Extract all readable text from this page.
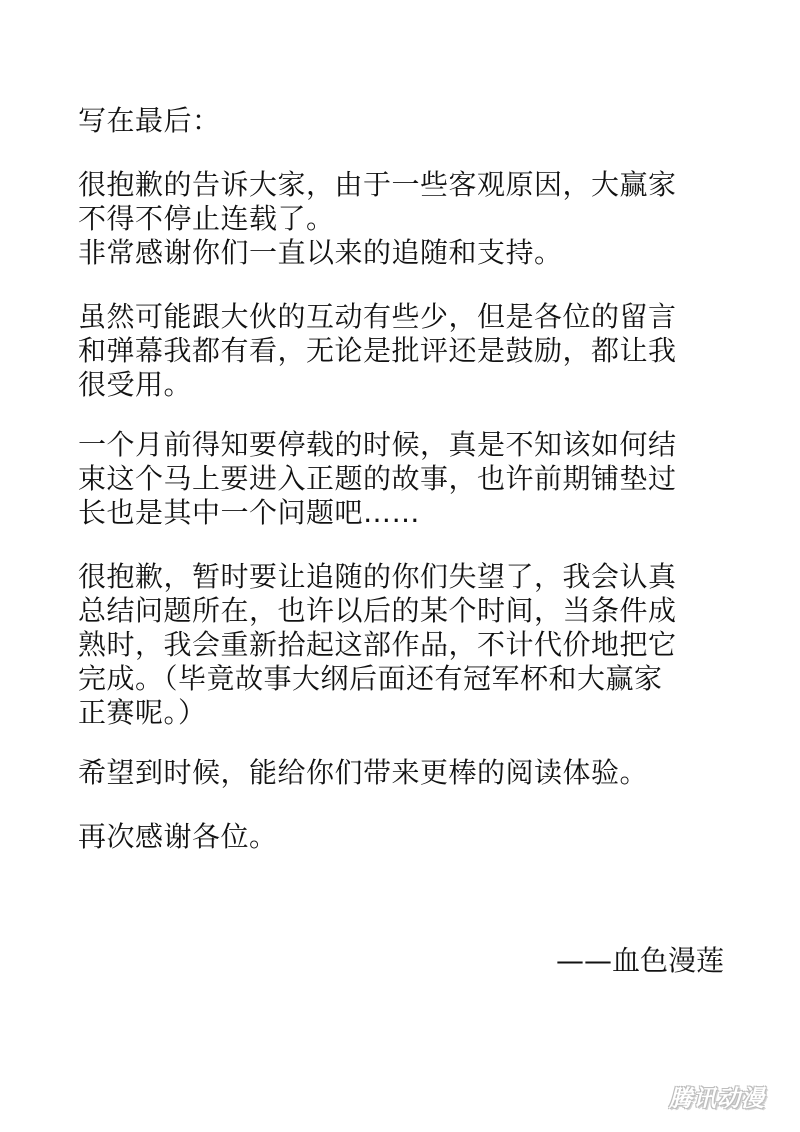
写在最后：
很抱歉的告诉大家，由于一些客观原因，大赢家
不得不停止连载了。
非常感谢你们一直以来的追随和支持。
虽然可能跟大伙的互动有些少，但是各位的留言
和弹幕我都有看，无论是批评还是鼓励，都让我
很受用。
一个月前得知要停载的时候，真是不知该如何结
束这个马上要进入正题的故事，也许前期铺垫过
长也是其中一个问题吧……
很抱歉，暂时要让追随的你们失望了，我会认真
总结问题所在，也许以后的某个时间，当条件成
熟时，我会重新拾起这部作品，不计代价地把它
完成。（毕竟故事大纲后面还有冠军杯和大赢家
正赛呢。）
希望到时候，能给你们带来更棒的阅读体验。
再次感谢各位。
——血色漫莲
腾讯动漫
